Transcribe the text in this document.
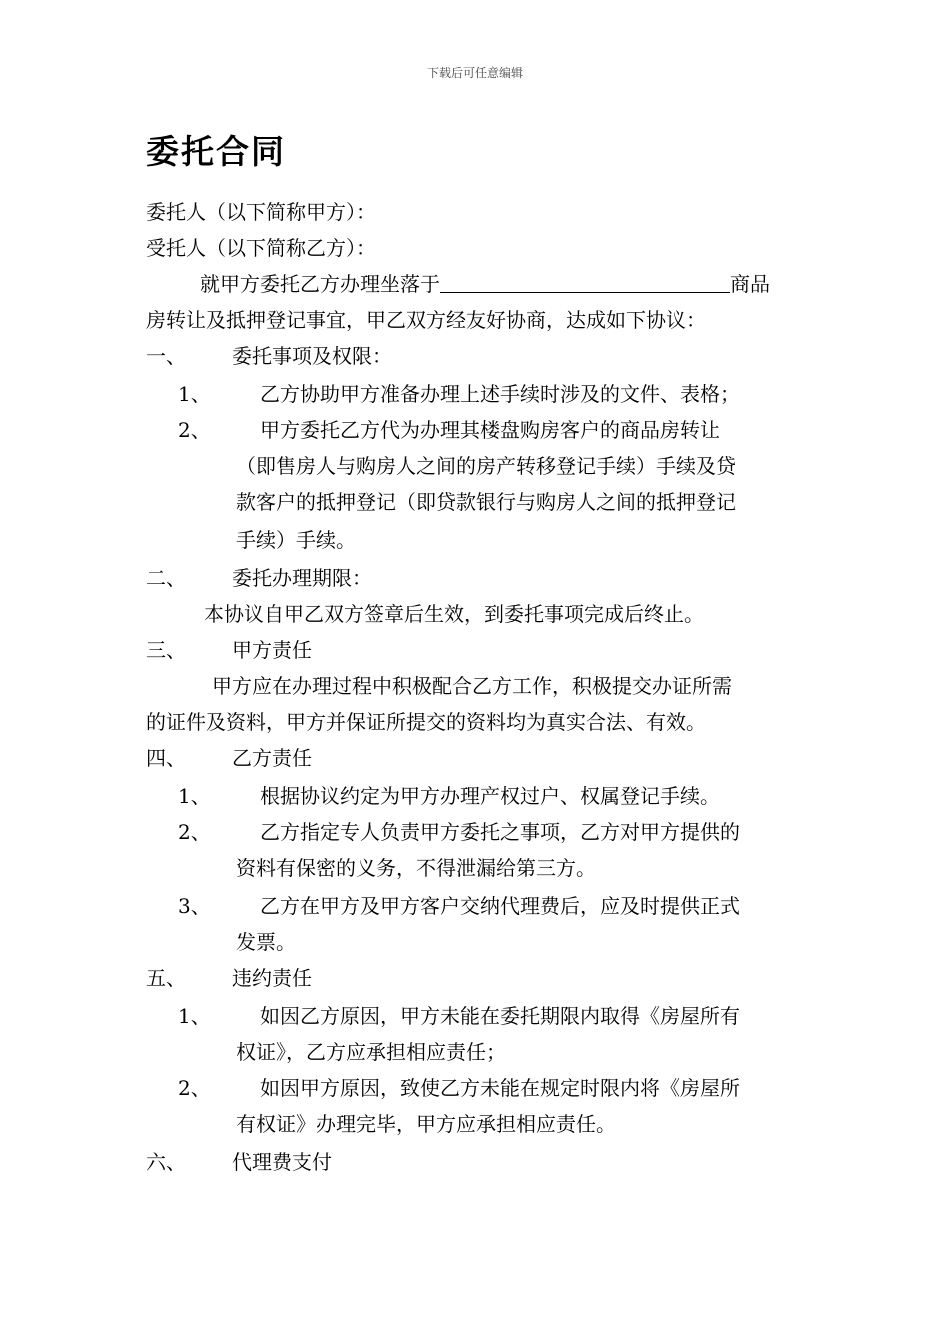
下载后可任意编辑
委托合同
委托人（以下简称甲方）：
受托人（以下简称乙方）：
就甲方委托乙方办理坐落于	商品
房转让及抵押登记事宜，甲乙双方经友好协商，达成如下协议：
一、 委托事项及权限：
1、 乙方协助甲方准备办理上述手续时涉及的文件、表格；
2、 甲方委托乙方代为办理其楼盘购房客户的商品房转让
（即售房人与购房人之间的房产转移登记手续）手续及贷
款客户的抵押登记（即贷款银行与购房人之间的抵押登记
手续）手续。
二、 委托办理期限：
本协议自甲乙双方签章后生效，到委托事项完成后终止。
三、 甲方责任
甲方应在办理过程中积极配合乙方工作，积极提交办证所需
的证件及资料，甲方并保证所提交的资料均为真实合法、有效。
四、 乙方责任
1、 根据协议约定为甲方办理产权过户、权属登记手续。
2、 乙方指定专人负责甲方委托之事项，乙方对甲方提供的
资料有保密的义务，不得泄漏给第三方。
3、 乙方在甲方及甲方客户交纳代理费后，应及时提供正式
发票。
五、 违约责任
1、 如因乙方原因，甲方未能在委托期限内取得《房屋所有
权证》，乙方应承担相应责任；
2、 如因甲方原因，致使乙方未能在规定时限内将《房屋所
有权证》办理完毕，甲方应承担相应责任。
六、 代理费支付
